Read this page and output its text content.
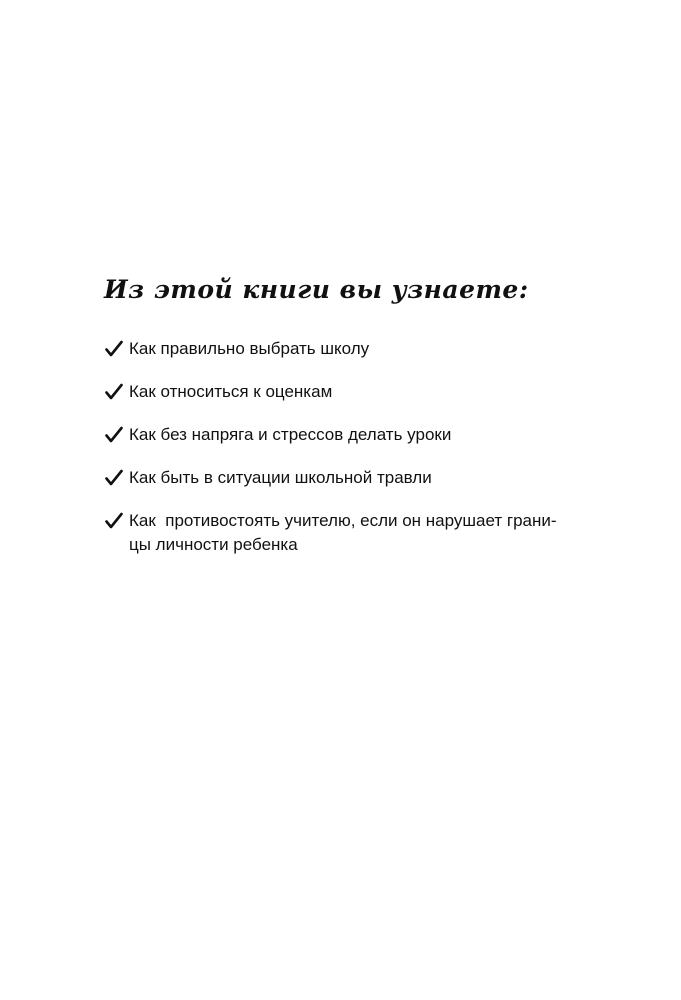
Из этой книги вы узнаете:
Как правильно выбрать школу
Как относиться к оценкам
Как без напряга и стрессов делать уроки
Как быть в ситуации школьной травли
Как  противостоять учителю, если он нарушает грани-
цы личности ребенка
